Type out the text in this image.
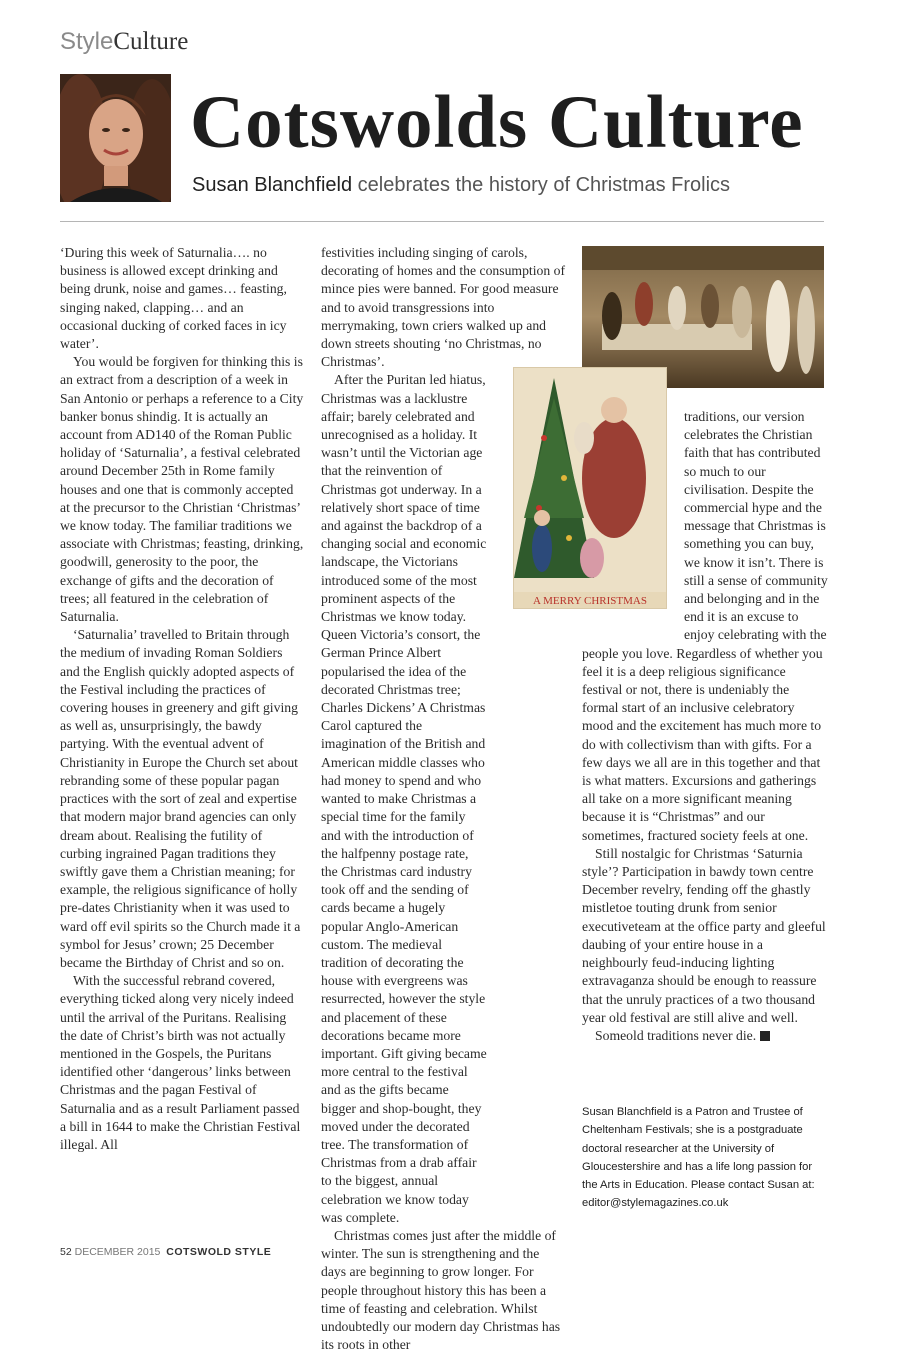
StyleCulture
Cotswolds Culture
Susan Blanchfield celebrates the history of Christmas Frolics

‘During this week of Saturnalia…. no business is allowed except drinking and being drunk, noise and games… feasting, singing naked, clapping… and an occasional ducking of corked faces in icy water’.

You would be forgiven for thinking this is an extract from a description of a week in San Antonio or perhaps a reference to a City banker bonus shindig. It is actually an account from AD140 of the Roman Public holiday of ‘Saturnalia’, a festival celebrated around December 25th in Rome family houses and one that is commonly accepted at the precursor to the Christian ‘Christmas’ we know today. The familiar traditions we associate with Christmas; feasting, drinking, goodwill, generosity to the poor, the exchange of gifts and the decoration of trees; all featured in the celebration of Saturnalia.

‘Saturnalia’ travelled to Britain through the medium of invading Roman Soldiers and the English quickly adopted aspects of the Festival including the practices of covering houses in greenery and gift giving as well as, unsurprisingly, the bawdy partying. With the eventual advent of Christianity in Europe the Church set about rebranding some of these popular pagan practices with the sort of zeal and expertise that modern major brand agencies can only dream about. Realising the futility of curbing ingrained Pagan traditions they swiftly gave them a Christian meaning; for example, the religious significance of holly pre-dates Christianity when it was used to ward off evil spirits so the Church made it a symbol for Jesus’ crown; 25 December became the Birthday of Christ and so on.

With the successful rebrand covered, everything ticked along very nicely indeed until the arrival of the Puritans. Realising the date of Christ’s birth was not actually mentioned in the Gospels, the Puritans identified other ‘dangerous’ links between Christmas and the pagan Festival of Saturnalia and as a result Parliament passed a bill in 1644 to make the Christian Festival illegal. All

festivities including singing of carols, decorating of homes and the consumption of mince pies were banned. For good measure and to avoid transgressions into merrymaking, town criers walked up and down streets shouting ‘no Christmas, no Christmas’.

After the Puritan led hiatus, Christmas was a lacklustre affair; barely celebrated and unrecognised as a holiday. It wasn’t until the Victorian age that the reinvention of Christmas got underway. In a relatively short space of time and against the backdrop of a changing social and economic landscape, the Victorians introduced some of the most prominent aspects of the Christmas we know today. Queen Victoria’s consort, the German Prince Albert popularised the idea of the decorated Christmas tree; Charles Dickens’ A Christmas Carol captured the imagination of the British and American middle classes who had money to spend and who wanted to make Christmas a special time for the family and with the introduction of the halfpenny postage rate, the Christmas card industry took off and the sending of cards became a hugely popular Anglo-American custom. The medieval tradition of decorating the house with evergreens was resurrected, however the style and placement of these decorations became more important. Gift giving became more central to the festival and as the gifts became bigger and shop-bought, they moved under the decorated tree. The transformation of Christmas from a drab affair to the biggest, annual celebration we know today was complete.

Christmas comes just after the middle of winter. The sun is strengthening and the days are beginning to grow longer. For people throughout history this has been a time of feasting and celebration. Whilst undoubtedly our modern day Christmas has its roots in other

traditions, our version celebrates the Christian faith that has contributed so much to our civilisation. Despite the commercial hype and the message that Christmas is something you can buy, we know it isn’t. There is still a sense of community and belonging and in the end it is an excuse to enjoy celebrating with the people you love. Regardless of whether you feel it is a deep religious significance festival or not, there is undeniably the formal start of an inclusive celebratory mood and the excitement has much more to do with collectivism than with gifts. For a few days we all are in this together and that is what matters. Excursions and gatherings all take on a more significant meaning because it is “Christmas” and our sometimes, fractured society feels at one.

Still nostalgic for Christmas ‘Saturnia style’? Participation in bawdy town centre December revelry, fending off the ghastly mistletoe touting drunk from senior executiveteam at the office party and gleeful daubing of your entire house in a neighbourly feud-inducing lighting extravaganza should be enough to reassure that the unruly practices of a two thousand year old festival are still alive and well.

Someold traditions never die.

A MERRY CHRISTMAS
Susan Blanchfield is a Patron and Trustee of Cheltenham Festivals; she is a postgraduate doctoral researcher at the University of Gloucestershire and has a life long passion for the Arts in Education. Please contact Susan at: editor@stylemagazines.co.uk
52 DECEMBER 2015 COTSWOLD STYLE
